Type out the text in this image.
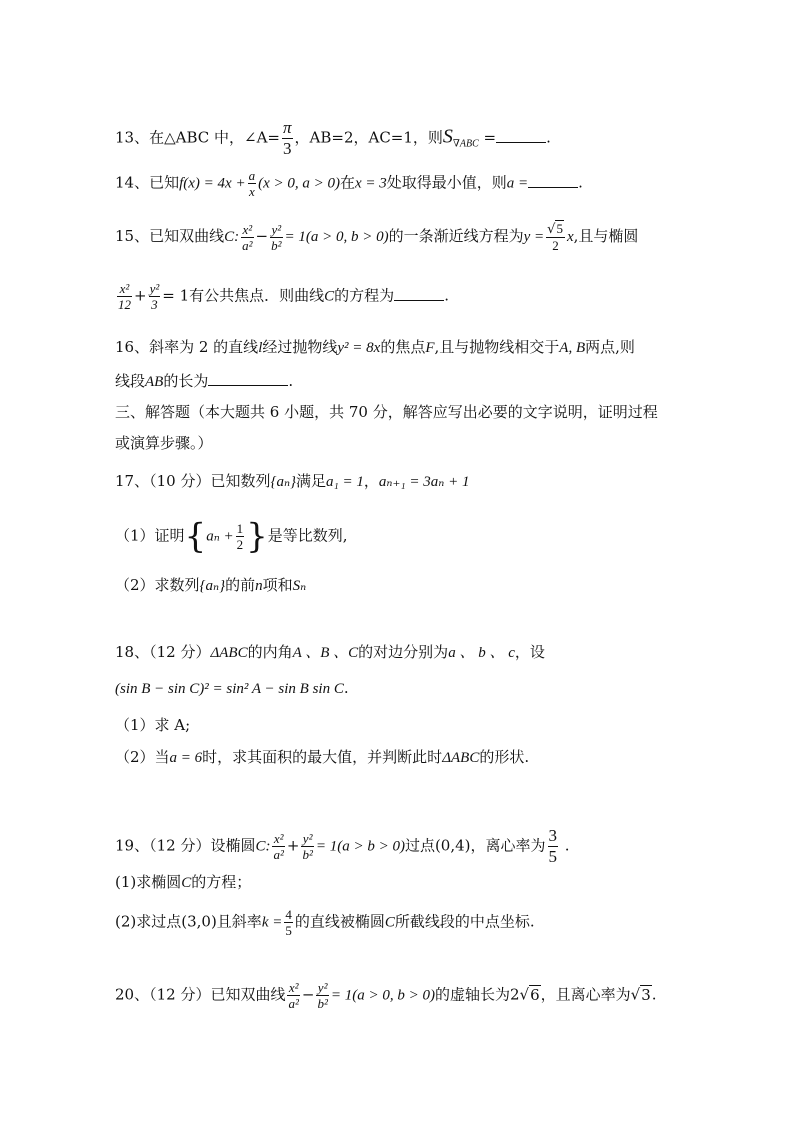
13、在△ABC 中，∠A= $\frac{\pi}{3}$ ，AB=2，AC=1，则$S_{\nabla ABC}$ =	.
14、已知$f(x) = 4x + \frac{a}{x} (x > 0$, a > 0)在x = 3处取得最小值，则a =	.
15、已知双曲线C: $\frac{\text{x²}}{\text{a²}} - \frac{\text{y²}}{\text{b²}} = 1(a > 0$, b > 0)的一条渐近线方程为$y = \frac{√5}{2} x$,且与椭圆
$\frac{\text{x²}}{12} + \frac{\text{y²}}{3} = 1$有公共焦点．则曲线C的方程为	.
16、斜率为 2 的直线l经过抛物线y² = 8x的焦点F,且与抛物线相交于A, B两点,则
线段AB的长为	.
三、解答题（本大题共 6 小题，共 70 分，解答应写出必要的文字说明，证明过程
或演算步骤。）
17、（10 分）已知数列{aₙ}满足a₁ = 1，aₙ₊₁ = 3aₙ + 1
（1）证明{$a_n + \frac{1}{2}$ }是等比数列,
（2）求数列{aₙ}的前n项和Sₙ
18、（12 分）ΔABC的内角A 、B 、C的对边分别为a 、 b 、 c，设
(sin B − sin C)² = sin² A − sin B sin C.
（1）求 A;
（2）当a = 6时，求其面积的最大值，并判断此时ΔABC的形状.
19、（12 分）设椭圆C: $\frac{\text{x²}}{\text{a²}} + \frac{\text{y²}}{\text{b²}} = 1(a > b > 0)$过点(0,4)，离心率为 $\frac{3}{5}$ .
(1)求椭圆C的方程；
(2)求过点(3,0)且斜率$k = \frac{4}{5}$ 的直线被椭圆C所截线段的中点坐标.
20、（12 分）已知双曲线 $\frac{\text{x²}}{\text{a²}} - \frac{\text{y²}}{\text{b²}} = 1(a > 0$, b > 0)的虚轴长为2√6，且离心率为√3.
